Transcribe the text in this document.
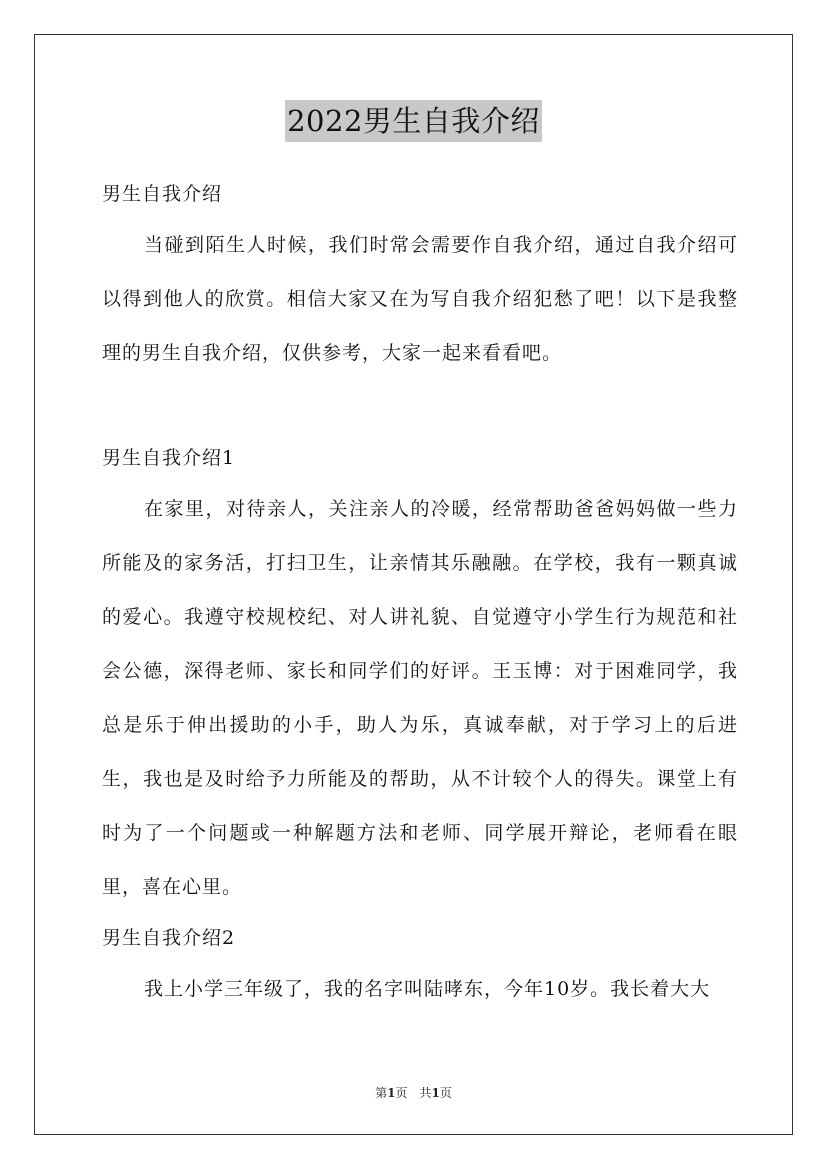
2022男生自我介绍

男生自我介绍

当碰到陌生人时候，我们时常会需要作自我介绍，通过自我介绍可以得到他人的欣赏。相信大家又在为写自我介绍犯愁了吧！以下是我整理的男生自我介绍，仅供参考，大家一起来看看吧。

男生自我介绍1

在家里，对待亲人，关注亲人的冷暖，经常帮助爸爸妈妈做一些力所能及的家务活，打扫卫生，让亲情其乐融融。在学校，我有一颗真诚的爱心。我遵守校规校纪、对人讲礼貌、自觉遵守小学生行为规范和社会公德，深得老师、家长和同学们的好评。王玉博：对于困难同学，我总是乐于伸出援助的小手，助人为乐，真诚奉献，对于学习上的后进生，我也是及时给予力所能及的帮助，从不计较个人的得失。课堂上有时为了一个问题或一种解题方法和老师、同学展开辩论，老师看在眼里，喜在心里。

男生自我介绍2

我上小学三年级了，我的名字叫陆哮东，今年10岁。我长着大大

第1页 共1页
